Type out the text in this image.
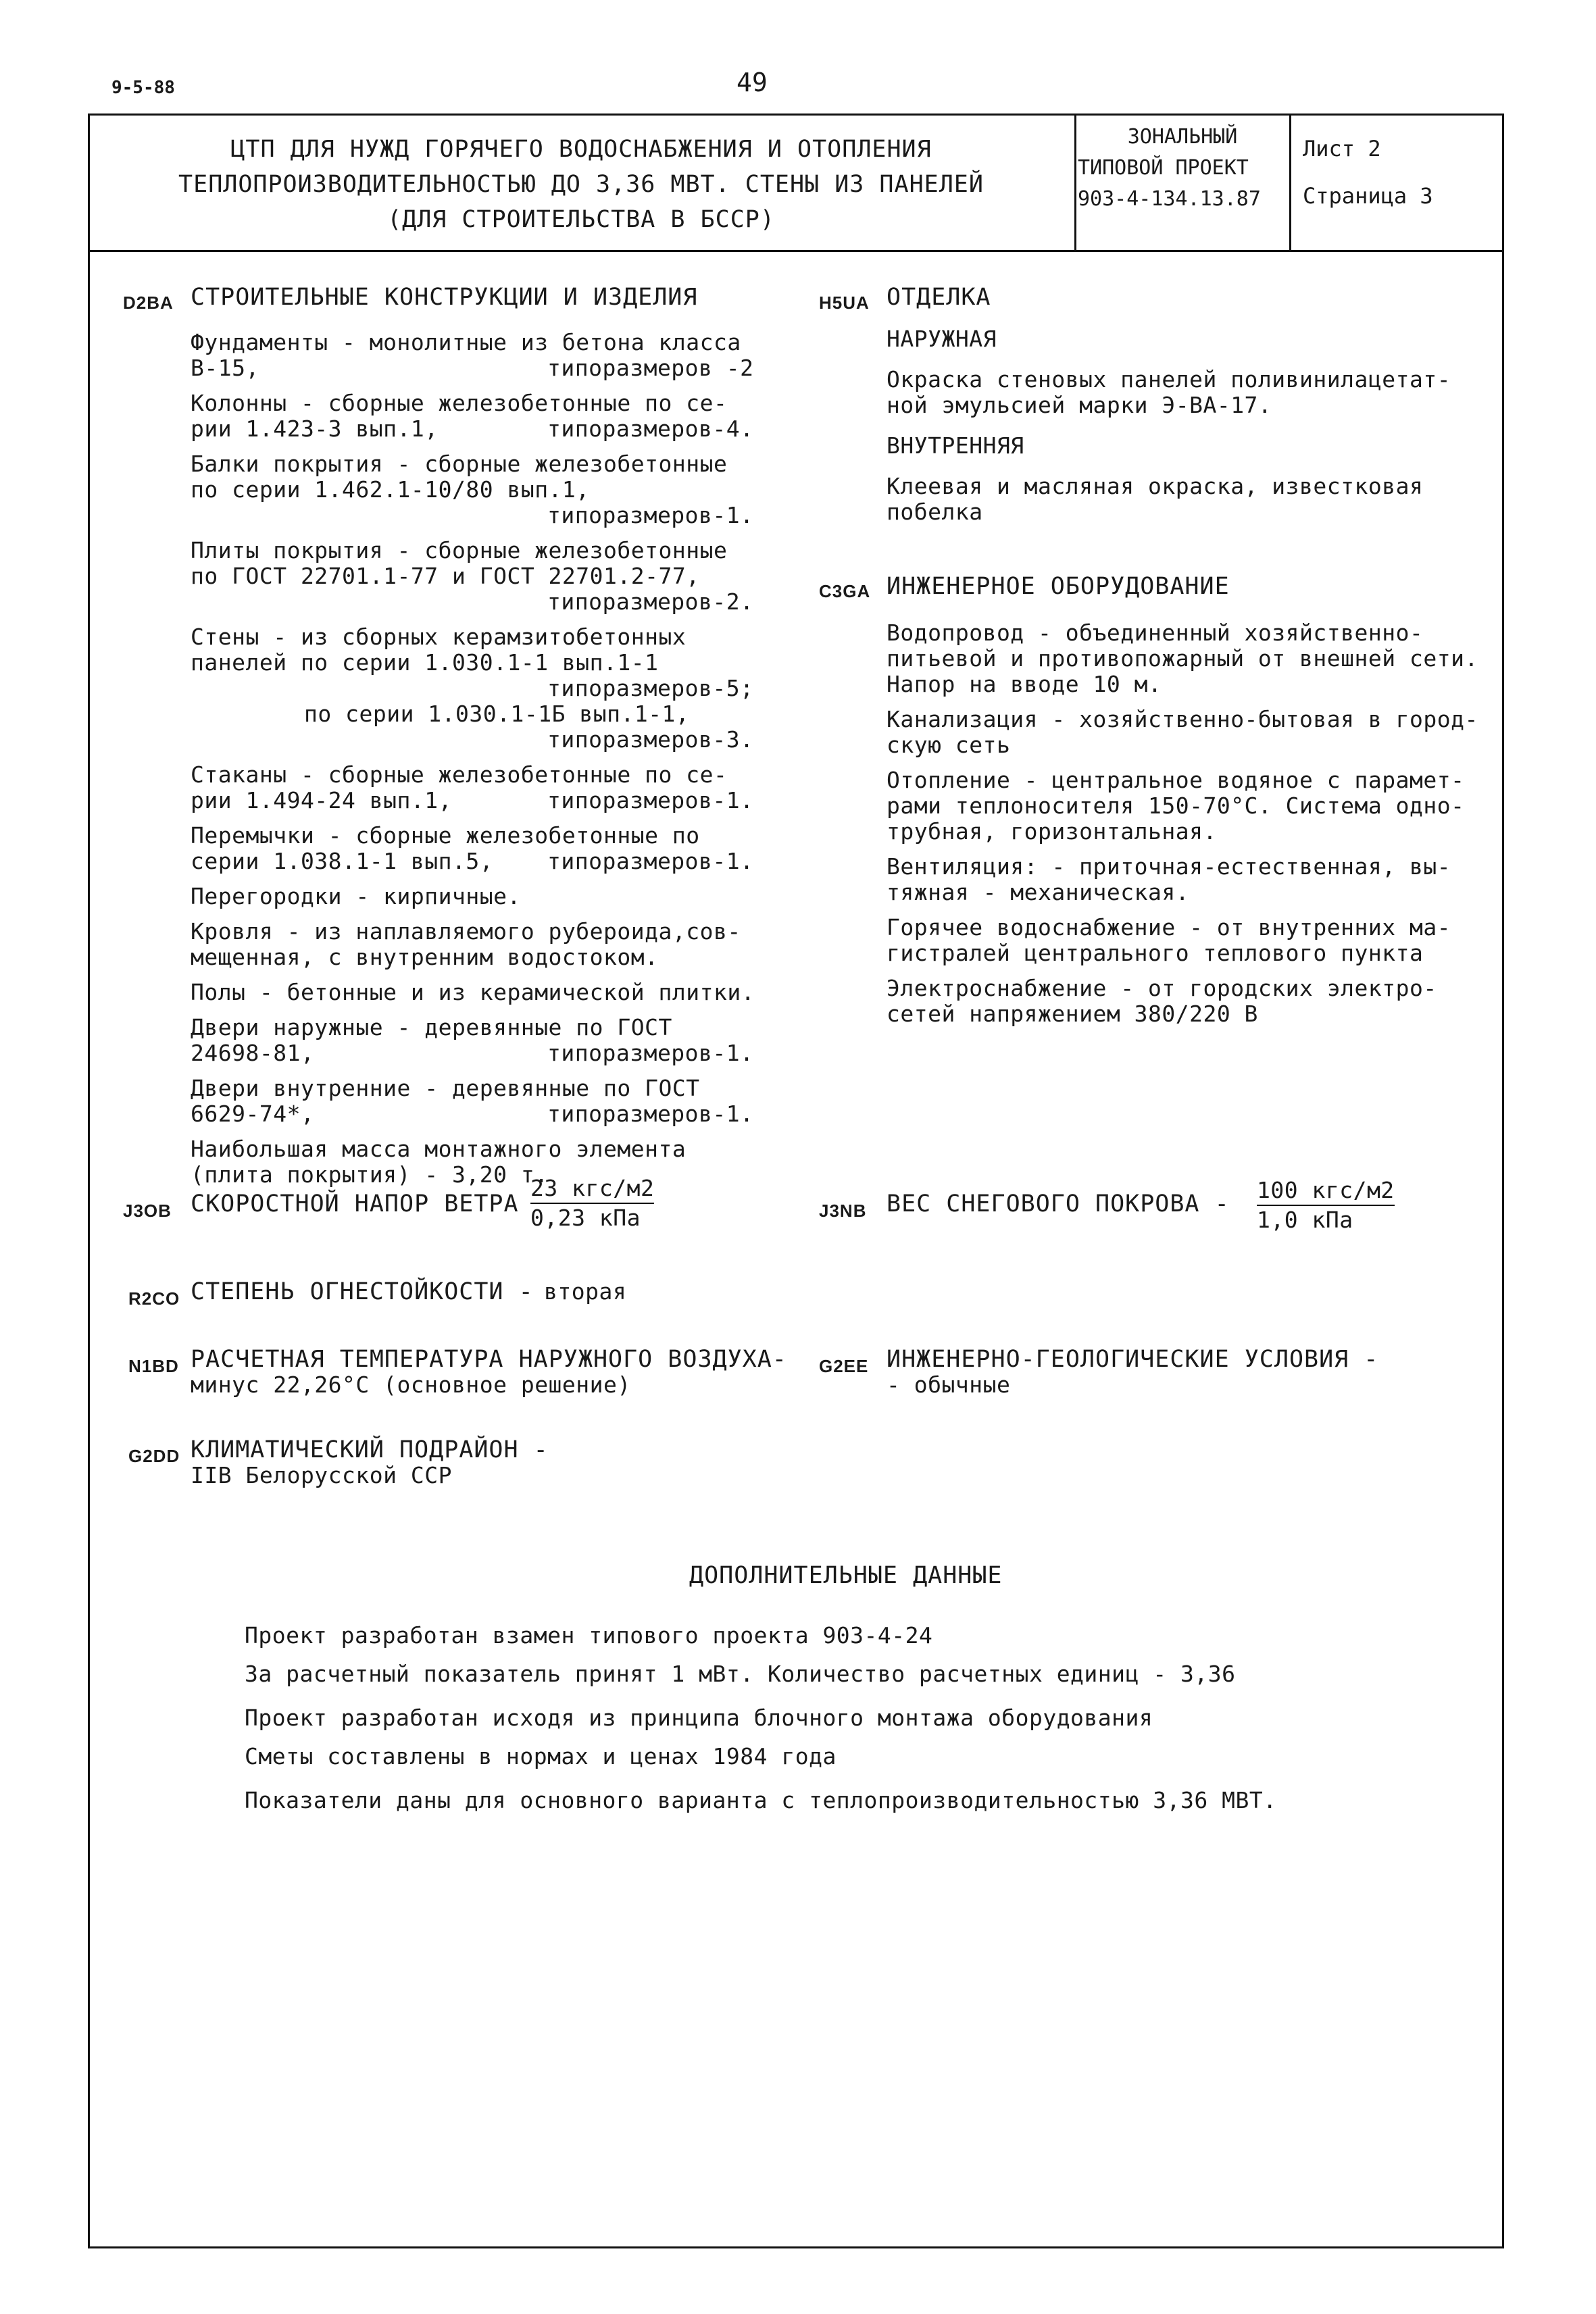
9-5-88	49
ЦТП ДЛЯ НУЖД ГОРЯЧЕГО ВОДОСНАБЖЕНИЯ И ОТОПЛЕНИЯ
ТЕПЛОПРОИЗВОДИТЕЛЬНОСТЬЮ ДО 3,36 МВТ. СТЕНЫ ИЗ ПАНЕЛЕЙ
(ДЛЯ СТРОИТЕЛЬСТВА В БССР)
ЗОНАЛЬНЫЙ
ТИПОВОЙ ПРОЕКТ
903-4-134.13.87
Лист 2
Страница 3
D2BA СТРОИТЕЛЬНЫЕ КОНСТРУКЦИИ И ИЗДЕЛИЯ
Фундаменты - монолитные из бетона класса
В-15,	типоразмеров -2
Колонны - сборные железобетонные по се-
рии 1.423-3 вып.1,	типоразмеров-4.
Балки покрытия - сборные железобетонные
по серии 1.462.1-10/80 вып.1,
типоразмеров-1.
Плиты покрытия - сборные железобетонные
по ГОСТ 22701.1-77 и ГОСТ 22701.2-77,
типоразмеров-2.
Стены - из сборных керамзитобетонных
панелей по серии 1.030.1-1 вып.1-1
типоразмеров-5;
по серии 1.030.1-1Б вып.1-1,
типоразмеров-3.
Стаканы - сборные железобетонные по се-
рии 1.494-24 вып.1,	типоразмеров-1.
Перемычки - сборные железобетонные по
серии 1.038.1-1 вып.5, типоразмеров-1.
Перегородки - кирпичные.
Кровля - из наплавляемого рубероида,сов-
мещенная, с внутренним водостоком.
Полы - бетонные и из керамической плитки.
Двери наружные - деревянные по ГОСТ
24698-81,	типоразмеров-1.
Двери внутренние - деревянные по ГОСТ
6629-74*,	типоразмеров-1.
Наибольшая масса монтажного элемента
(плита покрытия) - 3,20 т.
H5UA ОТДЕЛКА
НАРУЖНАЯ
Окраска стеновых панелей поливинилацетат-
ной эмульсией марки Э-ВА-17.
ВНУТРЕННЯЯ
Клеевая и масляная окраска, известковая
побелка
C3GA ИНЖЕНЕРНОЕ ОБОРУДОВАНИЕ
Водопровод - объединенный хозяйственно-
питьевой и противопожарный от внешней сети.
Напор на вводе 10 м.
Канализация - хозяйственно-бытовая в город-
скую сеть
Отопление - центральное водяное с парамет-
рами теплоносителя 150-70°С. Система одно-
трубная, горизонтальная.
Вентиляция: - приточная-естественная, вы-
тяжная - механическая.
Горячее водоснабжение - от внутренних ма-
гистралей центрального теплового пункта
Электроснабжение - от городских электро-
сетей напряжением 380/220 В
J3OB СКОРОСТНОЙ НАПОР ВЕТРА $\frac{\text{23 кгс/м2}}{\text{0,23 кПа}}$	J3NB ВЕС СНЕГОВОГО ПОКРОВА - $\frac{\text{100 кгс/м2}}{\text{1,0 кПа}}$
R2CO СТЕПЕНЬ ОГНЕСТОЙКОСТИ - вторая
N1BD РАСЧЕТНАЯ ТЕМПЕРАТУРА НАРУЖНОГО ВОЗДУХА-
минус 22,26°С (основное решение)
G2EE ИНЖЕНЕРНО-ГЕОЛОГИЧЕСКИЕ УСЛОВИЯ -
- обычные
G2DD КЛИМАТИЧЕСКИЙ ПОДРАЙОН -
IIВ Белорусской ССР
ДОПОЛНИТЕЛЬНЫЕ ДАННЫЕ
Проект разработан взамен типового проекта 903-4-24
За расчетный показатель принят 1 мВт. Количество расчетных единиц - 3,36
Проект разработан исходя из принципа блочного монтажа оборудования
Сметы составлены в нормах и ценах 1984 года
Показатели даны для основного варианта с теплопроизводительностью 3,36 МВТ.
